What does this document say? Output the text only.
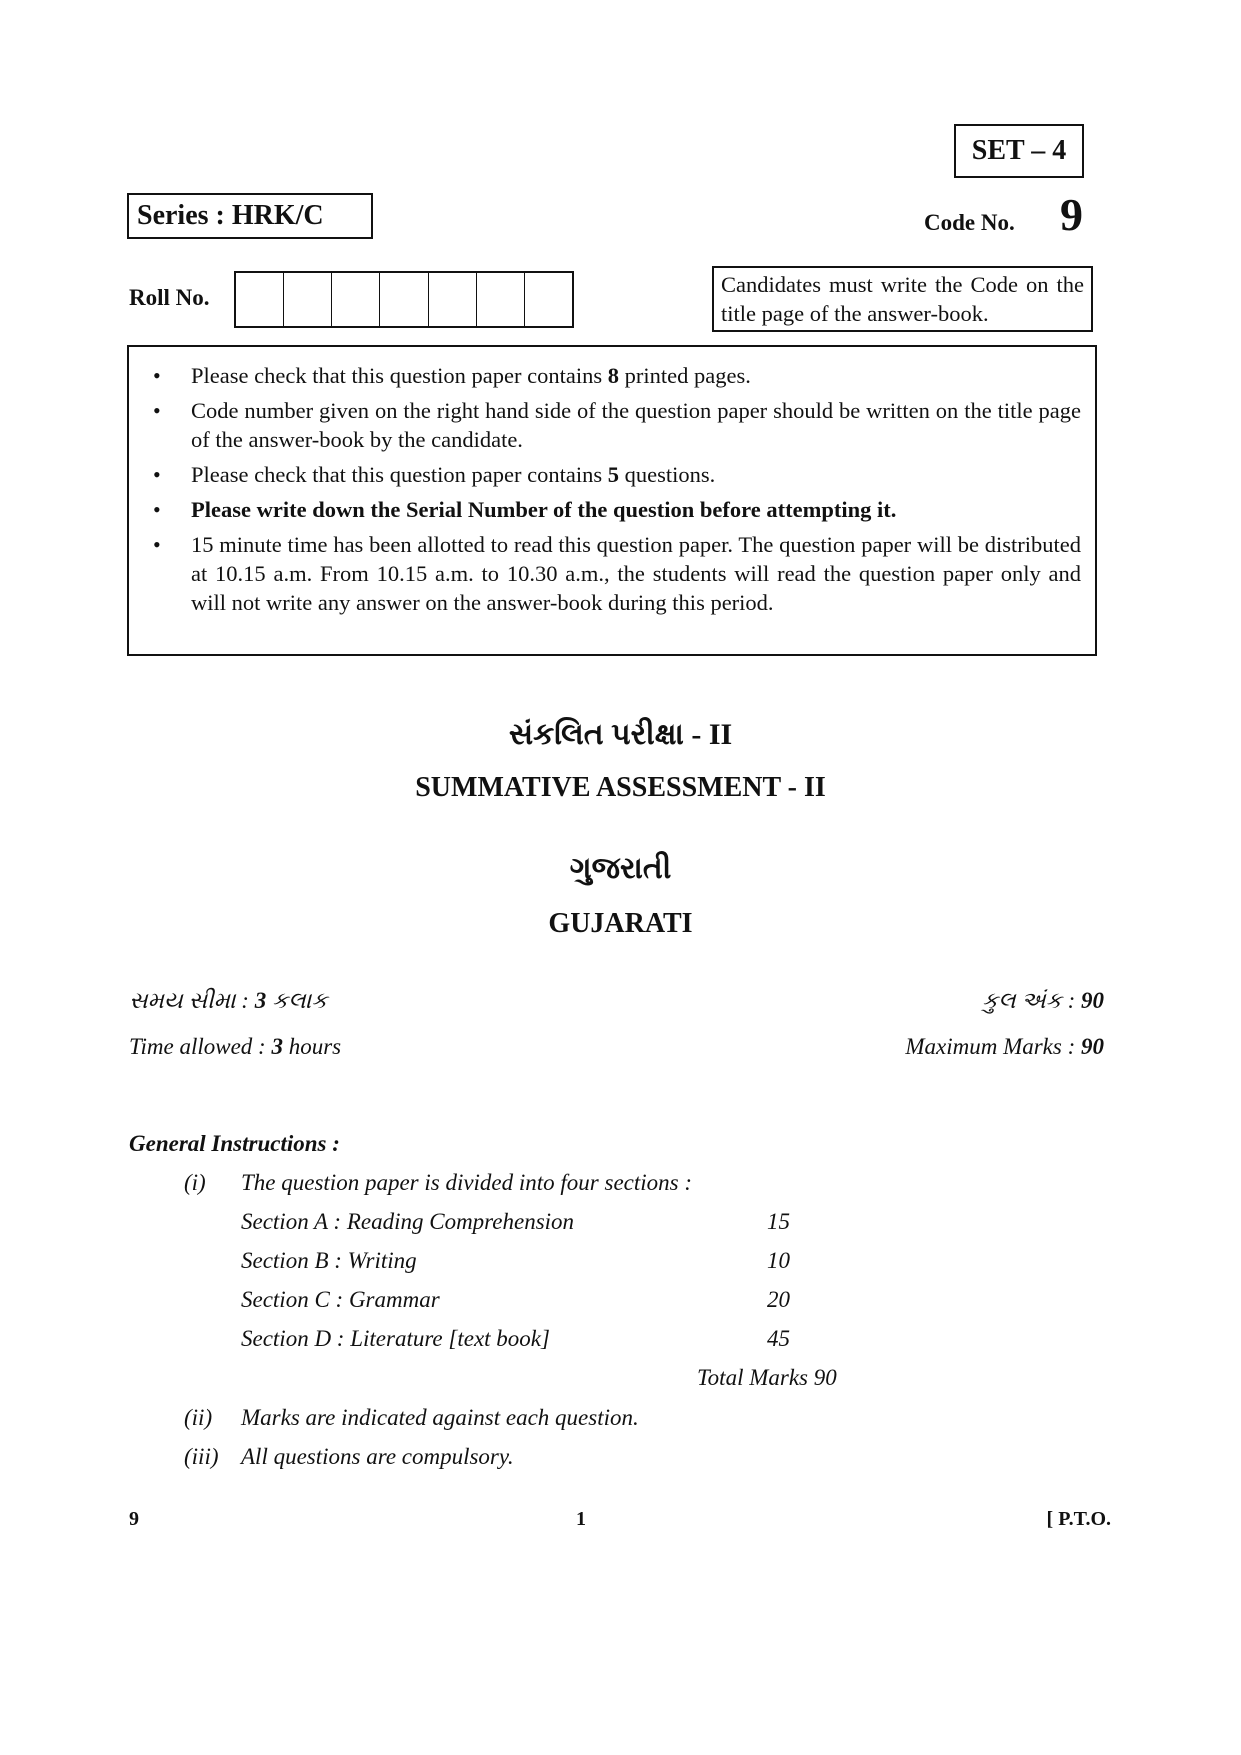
SET – 4
Series : HRK/C	Code No. 9
Roll No.
Candidates must write the Code on the title page of the answer-book.
• Please check that this question paper contains 8 printed pages.
• Code number given on the right hand side of the question paper should be written on the title page of the answer-book by the candidate.
• Please check that this question paper contains 5 questions.
• Please write down the Serial Number of the question before attempting it.
• 15 minute time has been allotted to read this question paper. The question paper will be distributed at 10.15 a.m. From 10.15 a.m. to 10.30 a.m., the students will read the question paper only and will not write any answer on the answer-book during this period.
સંકલિત પરીક્ષા - II
SUMMATIVE ASSESSMENT - II
ગુજરાતી
GUJARATI
સમય સીમા : 3 કલાક	કુલ અંક : 90
Time allowed : 3 hours	Maximum Marks : 90
General Instructions :
(i) The question paper is divided into four sections :
Section A : Reading Comprehension	15
Section B : Writing	10
Section C : Grammar	20
Section D : Literature [text book]	45
Total Marks 90
(ii) Marks are indicated against each question.
(iii) All questions are compulsory.
9	1	[ P.T.O.
